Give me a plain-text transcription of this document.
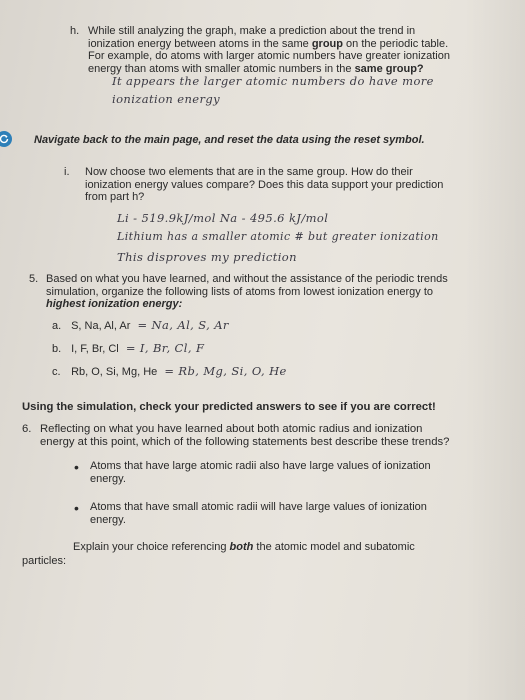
h. While still analyzing the graph, make a prediction about the trend in
ionization energy between atoms in the same group on the periodic table.
For example, do atoms with larger atomic numbers have greater ionization
energy than atoms with smaller atomic numbers in the same group?
It appears the larger atomic numbers do have more
ionization energy
Navigate back to the main page, and reset the data using the reset symbol.
i. Now choose two elements that are in the same group. How do their
ionization energy values compare? Does this data support your prediction
from part h?
Li - 519.9kJ/mol Na - 495.6 kJ/mol
Lithium has a smaller atomic # but greater ionization
This disproves my prediction
5. Based on what you have learned, and without the assistance of the periodic trends
simulation, organize the following lists of atoms from lowest ionization energy to
highest ionization energy:
a. S, Na, Al, Ar = Na, Al, S, Ar
b. I, F, Br, Cl = I, Br, Cl, F
c. Rb, O, Si, Mg, He = Rb, Mg, Si, O, He
Using the simulation, check your predicted answers to see if you are correct!
6. Reflecting on what you have learned about both atomic radius and ionization
energy at this point, which of the following statements best describe these trends?
• Atoms that have large atomic radii also have large values of ionization
energy.
• Atoms that have small atomic radii will have large values of ionization
energy.
Explain your choice referencing both the atomic model and subatomic
particles:
